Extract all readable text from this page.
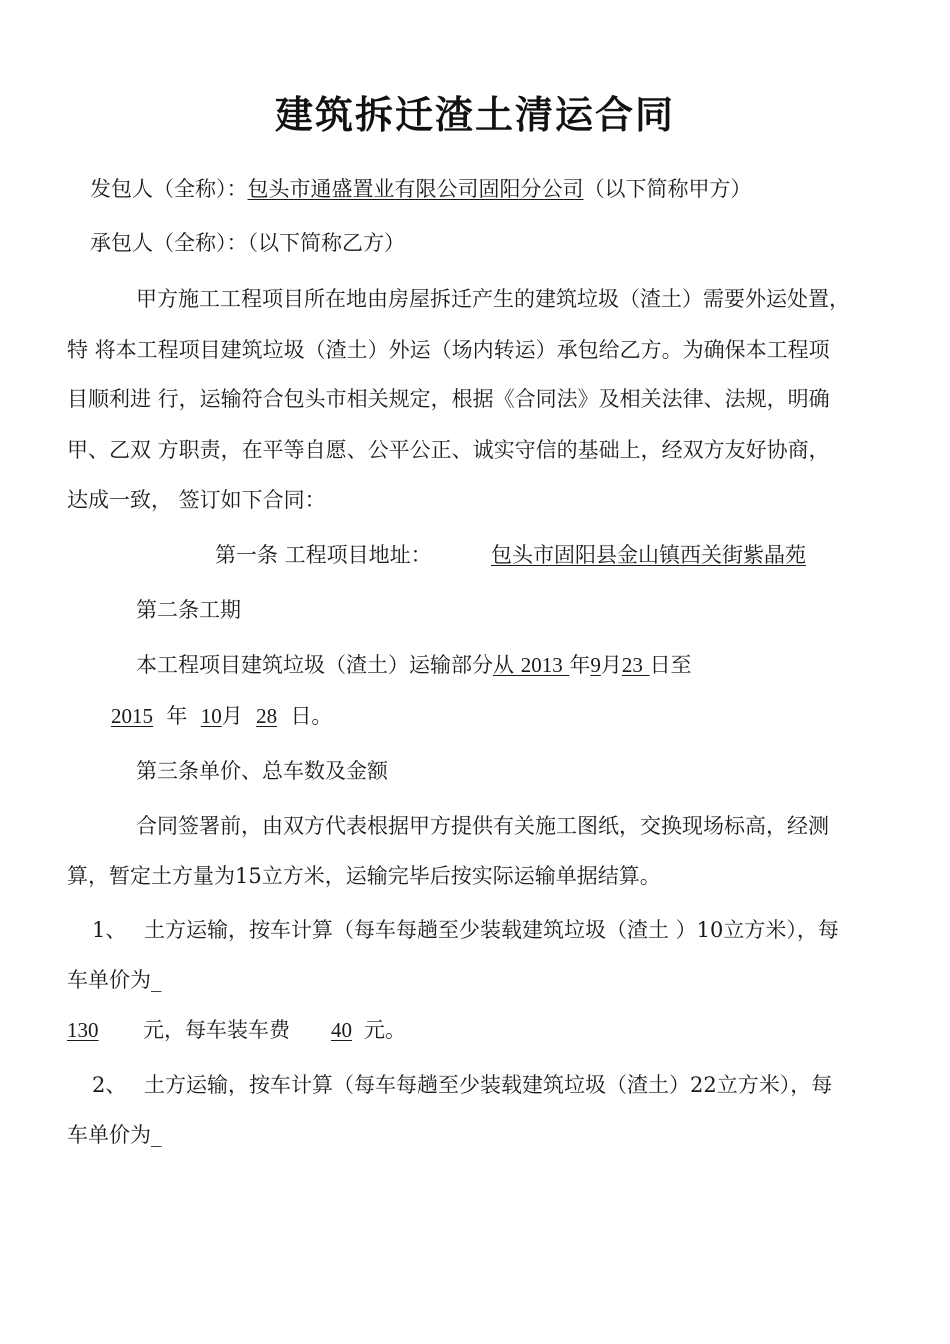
建筑拆迁渣土清运合同
发包人（全称）：包头市通盛置业有限公司固阳分公司（以下简称甲方）
承包人（全称）：（以下简称乙方）
甲方施工工程项目所在地由房屋拆迁产生的建筑垃圾（渣土）需要外运处置，
特 将本工程项目建筑垃圾（渣土）外运（场内转运）承包给乙方。为确保本工程项
目顺利进 行，运输符合包头市相关规定，根据《合同法》及相关法律、法规，明确
甲、乙双 方职责，在平等自愿、公平公正、诚实守信的基础上，经双方友好协商，
达成一致， 签订如下合同：
第一条 工程项目地址：	包头市固阳县金山镇西关街紫晶苑
第二条工期
本工程项目建筑垃圾（渣土）运输部分从 2013 年9月23 日至
2015 年 10月 28 日。
第三条单价、总车数及金额
合同签署前，由双方代表根据甲方提供有关施工图纸，交换现场标高，经测
算，暂定土方量为15立方米，运输完毕后按实际运输单据结算。
1、 土方运输，按车计算（每车每趟至少装载建筑垃圾（渣土 ）10立方米），每
车单价为_
130 元，每车装车费 40 元。
2、 土方运输，按车计算（每车每趟至少装载建筑垃圾（渣土）22立方米），每
车单价为_
